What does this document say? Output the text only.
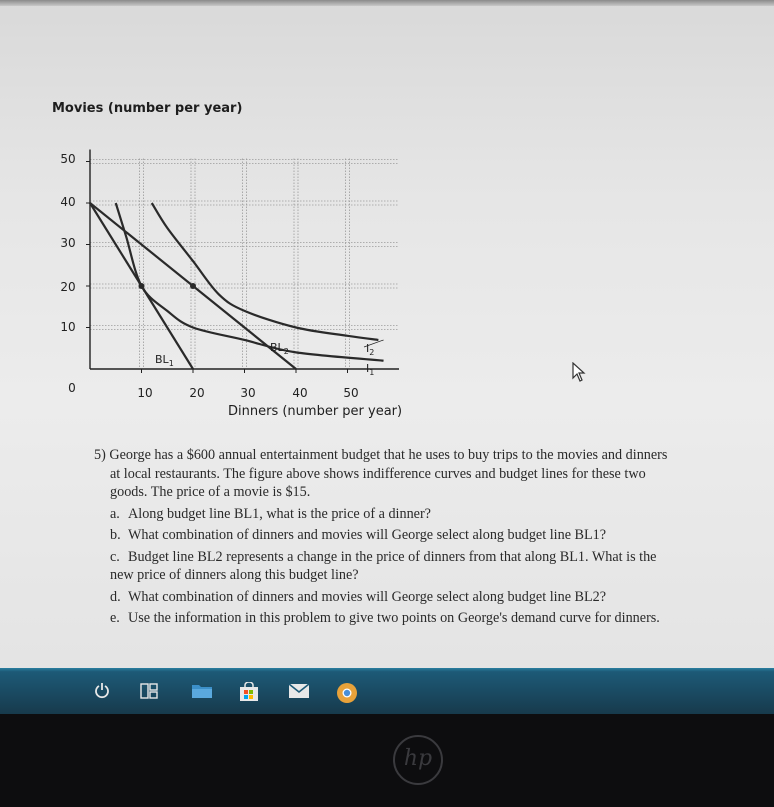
Movies (number per year)
0	10	20	30	40	50
10
20
30
40
50
$BL_1$
$BL_2$	$I_2$
$I_1$
Dinners (number per year)

5) George has a $600 annual entertainment budget that he uses to buy trips to the movies and dinners

at local restaurants. The figure above shows indifference curves and budget lines for these two

goods. The price of a movie is $15.

a. Along budget line BL1, what is the price of a dinner?

b. What combination of dinners and movies will George select along budget line BL1?

c. Budget line BL2 represents a change in the price of dinners from that along BL1. What is the

new price of dinners along this budget line?

d. What combination of dinners and movies will George select along budget line BL2?

e. Use the information in this problem to give two points on George's demand curve for dinners.

hp
